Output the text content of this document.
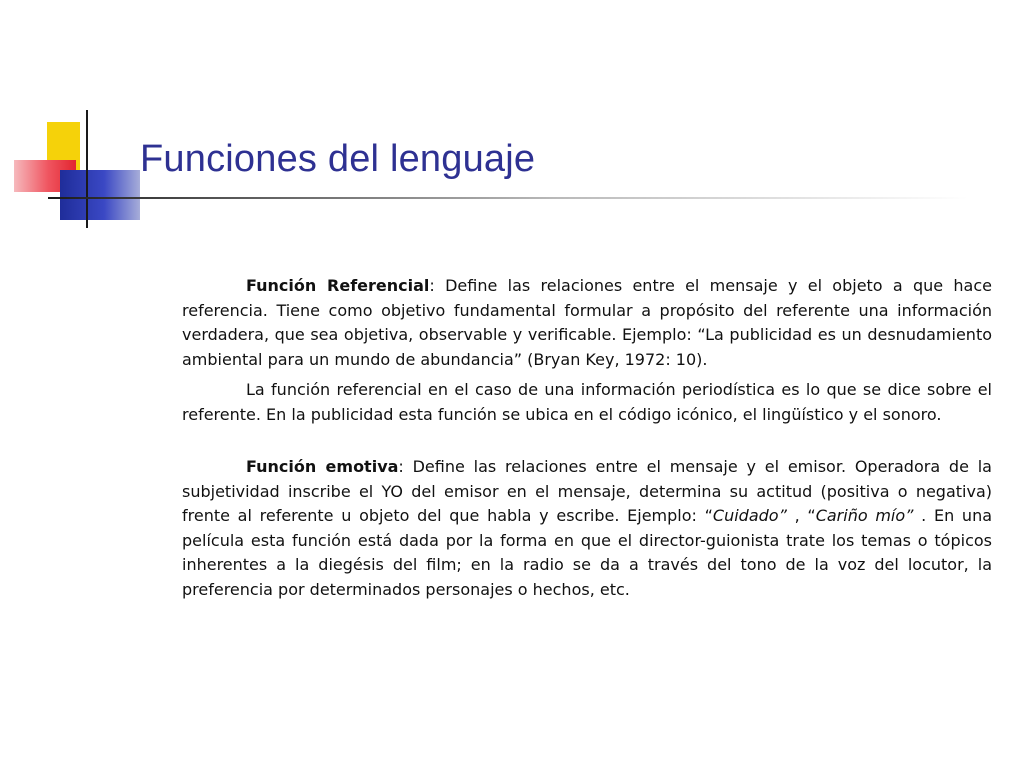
Funciones del lenguaje

Función Referencial: Define las relaciones entre el mensaje y el objeto a que hace referencia. Tiene como objetivo fundamental formular a propósito del referente una información verdadera, que sea objetiva, observable y verificable. Ejemplo: “La publicidad es un desnudamiento ambiental para un mundo de abundancia” (Bryan Key, 1972: 10).

La función referencial en el caso de una información periodística es lo que se dice sobre el referente. En la publicidad esta función se ubica en el código icónico, el lingüístico y el sonoro.

Función emotiva: Define las relaciones entre el mensaje y el emisor. Operadora de la subjetividad inscribe el YO del emisor en el mensaje, determina su actitud (positiva o negativa) frente al referente u objeto del que habla y escribe. Ejemplo: “Cuidado” , “Cariño mío” . En una película esta función está dada por la forma en que el director-guionista trate los temas o tópicos inherentes a la diegésis del film; en la radio se da a través del tono de la voz del locutor, la preferencia por determinados personajes o hechos, etc.
